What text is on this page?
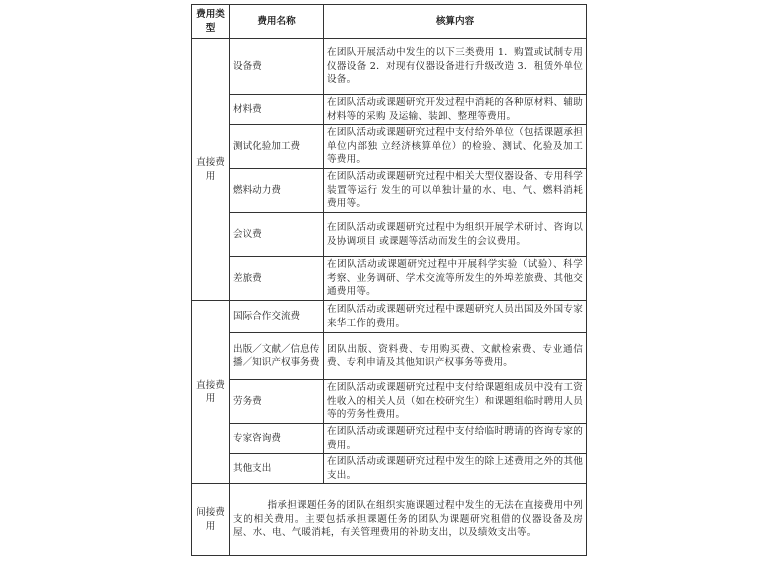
费用类型	费用名称	核算内容
直接费用	设备费	在团队开展活动中发生的以下三类费用 1．购置或试制专用仪器设备 2．对现有仪器设备进行升级改造 3．租赁外单位设备。
	材料费	在团队活动或课题研究开发过程中消耗的各种原材料、辅助材料等的采购 及运输、装卸、整理等费用。
	测试化验加工费	在团队活动或课题研究过程中支付给外单位（包括课题承担单位内部独 立经济核算单位）的检验、测试、化验及加工等费用。
	燃料动力费	在团队活动或课题研究过程中相关大型仪器设备、专用科学装置等运行 发生的可以单独计量的水、电、气、燃料消耗费用等。
	会议费	在团队活动或课题研究过程中为组织开展学术研讨、咨询以及协调项目 或课题等活动而发生的会议费用。
	差旅费	在团队活动或课题研究过程中开展科学实验（试验）、科学考察、业务调研、学术交流等所发生的外埠差旅费、其他交通费用等。
直接费用	国际合作交流费	在团队活动或课题研究过程中课题研究人员出国及外国专家来华工作的费用。
	出版／文献／信息传播／知识产权事务费	团队出版、资料费、专用购买费、文献检索费、专业通信费、专利申请及其他知识产权事务等费用。
	劳务费	在团队活动或课题研究过程中支付给课题组成员中没有工资性收入的相关人员（如在校研究生）和课题组临时聘用人员等的劳务性费用。
	专家咨询费	在团队活动或课题研究过程中支付给临时聘请的咨询专家的费用。
	其他支出	在团队活动或课题研究过程中发生的除上述费用之外的其他支出。
间接费用	指承担课题任务的团队在组织实施课题过程中发生的无法在直接费用中列支的相关费用。主要包括承担课题任务的团队为课题研究租借的仪器设备及房屋、水、电、气暖消耗，有关管理费用的补助支出，以及绩效支出等。	
